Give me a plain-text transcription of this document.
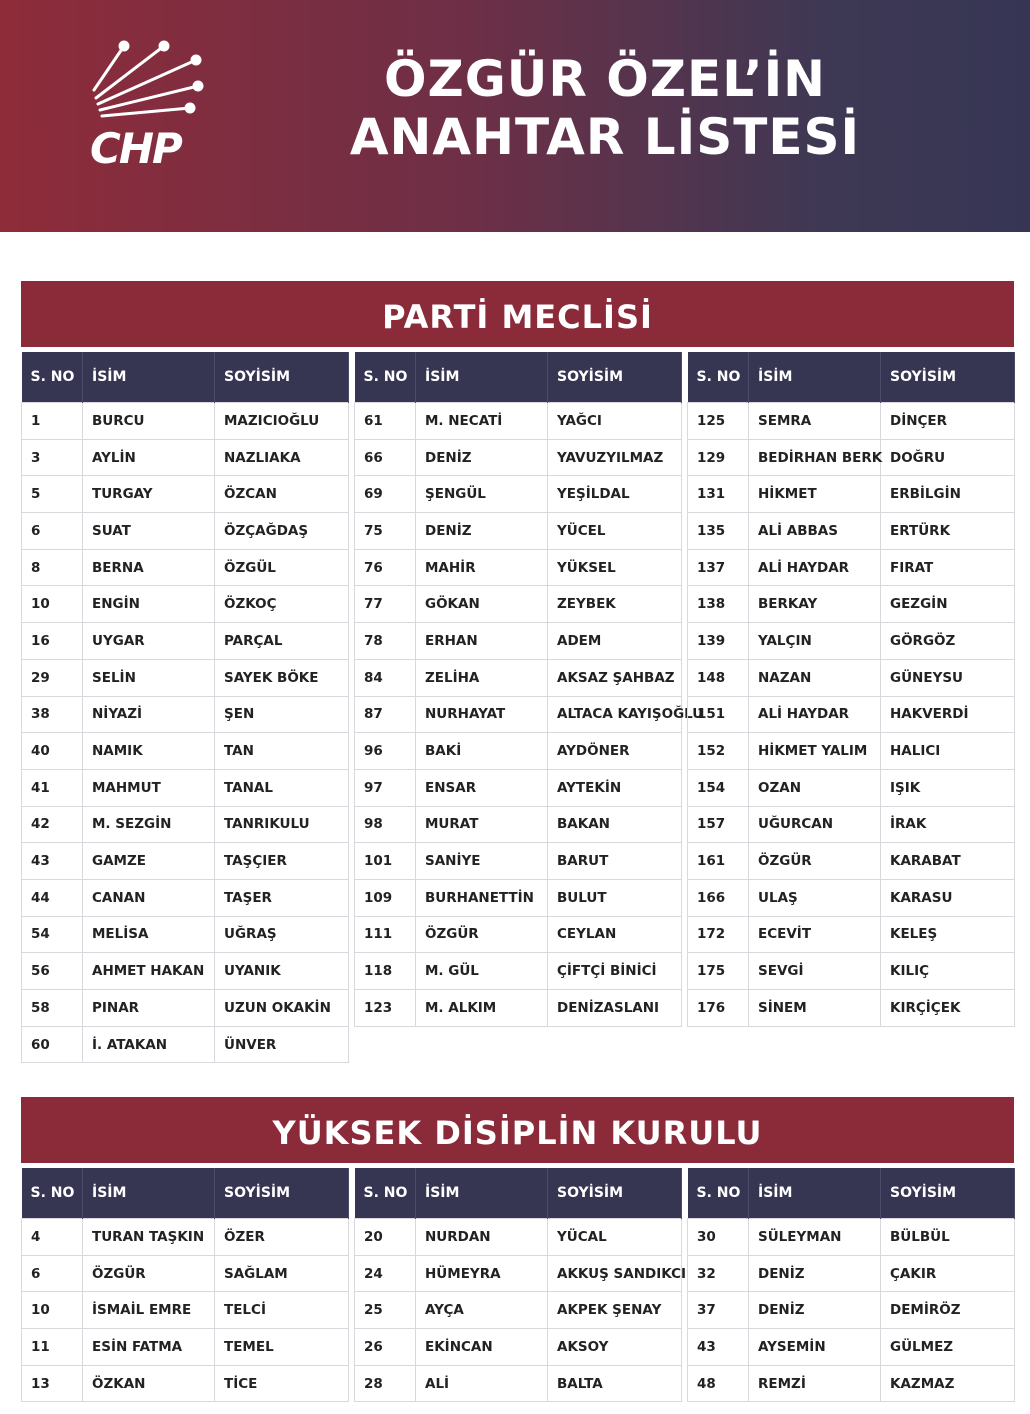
CHP
ÖZGÜR ÖZEL’İN
ANAHTAR LİSTESİ
PARTİ MECLİSİ
S. NO	İSİM	SOYİSİM
1	BURCU	MAZICIOĞLU
3	AYLİN	NAZLIAKA
5	TURGAY	ÖZCAN
6	SUAT	ÖZÇAĞDAŞ
8	BERNA	ÖZGÜL
10	ENGİN	ÖZKOÇ
16	UYGAR	PARÇAL
29	SELİN	SAYEK BÖKE
38	NİYAZİ	ŞEN
40	NAMIK	TAN
41	MAHMUT	TANAL
42	M. SEZGİN	TANRIKULU
43	GAMZE	TAŞÇIER
44	CANAN	TAŞER
54	MELİSA	UĞRAŞ
56	AHMET HAKAN	UYANIK
58	PINAR	UZUN OKAKİN
60	İ. ATAKAN	ÜNVER
S. NO	İSİM	SOYİSİM
61	M. NECATİ	YAĞCI
66	DENİZ	YAVUZYILMAZ
69	ŞENGÜL	YEŞİLDAL
75	DENİZ	YÜCEL
76	MAHİR	YÜKSEL
77	GÖKAN	ZEYBEK
78	ERHAN	ADEM
84	ZELİHA	AKSAZ ŞAHBAZ
87	NURHAYAT	ALTACA KAYIŞOĞLU
96	BAKİ	AYDÖNER
97	ENSAR	AYTEKİN
98	MURAT	BAKAN
101	SANİYE	BARUT
109	BURHANETTİN	BULUT
111	ÖZGÜR	CEYLAN
118	M. GÜL	ÇİFTÇİ BİNİCİ
123	M. ALKIM	DENİZASLANI
S. NO	İSİM	SOYİSİM
125	SEMRA	DİNÇER
129	BEDİRHAN BERK	DOĞRU
131	HİKMET	ERBİLGİN
135	ALİ ABBAS	ERTÜRK
137	ALİ HAYDAR	FIRAT
138	BERKAY	GEZGİN
139	YALÇIN	GÖRGÖZ
148	NAZAN	GÜNEYSU
151	ALİ HAYDAR	HAKVERDİ
152	HİKMET YALIM	HALICI
154	OZAN	IŞIK
157	UĞURCAN	İRAK
161	ÖZGÜR	KARABAT
166	ULAŞ	KARASU
172	ECEVİT	KELEŞ
175	SEVGİ	KILIÇ
176	SİNEM	KIRÇİÇEK
YÜKSEK DİSİPLİN KURULU
S. NO	İSİM	SOYİSİM
4	TURAN TAŞKIN	ÖZER
6	ÖZGÜR	SAĞLAM
10	İSMAİL EMRE	TELCİ
11	ESİN FATMA	TEMEL
13	ÖZKAN	TİCE
S. NO	İSİM	SOYİSİM
20	NURDAN	YÜCAL
24	HÜMEYRA	AKKUŞ SANDIKCI
25	AYÇA	AKPEK ŞENAY
26	EKİNCAN	AKSOY
28	ALİ	BALTA
S. NO	İSİM	SOYİSİM
30	SÜLEYMAN	BÜLBÜL
32	DENİZ	ÇAKIR
37	DENİZ	DEMİRÖZ
43	AYSEMİN	GÜLMEZ
48	REMZİ	KAZMAZ
